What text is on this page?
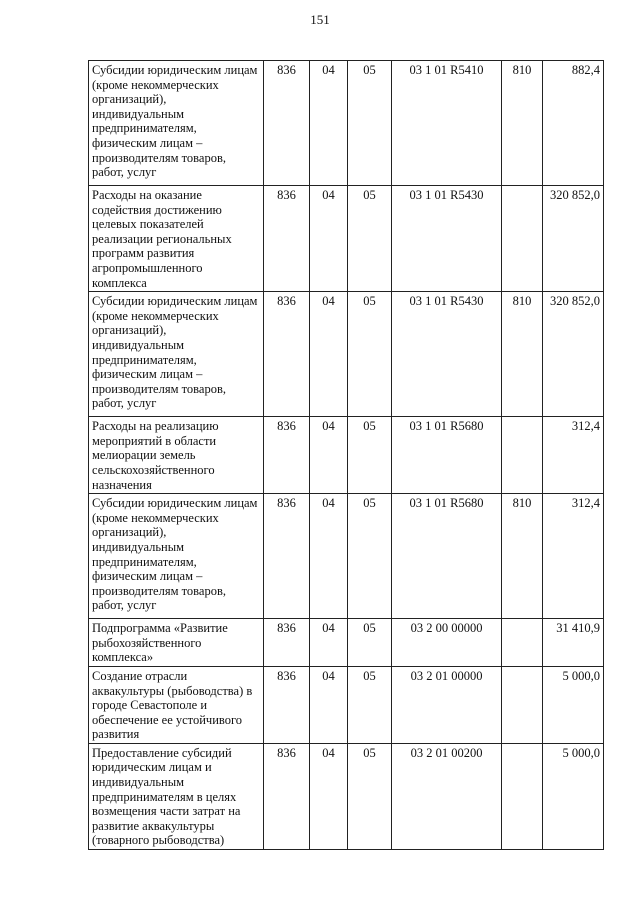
151
Субсидии юридическим лицам (кроме некоммерческих организаций), индивидуальным предпринимателям, физическим лицам – производителям товаров, работ, услуг	836	04	05	03 1 01 R5410	810	882,4
Расходы на оказание содействия достижению целевых показателей реализации региональных программ развития агропромышленного комплекса	836	04	05	03 1 01 R5430		320 852,0
Субсидии юридическим лицам (кроме некоммерческих организаций), индивидуальным предпринимателям, физическим лицам – производителям товаров, работ, услуг	836	04	05	03 1 01 R5430	810	320 852,0
Расходы на реализацию мероприятий в области мелиорации земель сельскохозяйственного назначения	836	04	05	03 1 01 R5680		312,4
Субсидии юридическим лицам (кроме некоммерческих организаций), индивидуальным предпринимателям, физическим лицам – производителям товаров, работ, услуг	836	04	05	03 1 01 R5680	810	312,4
Подпрограмма «Развитие рыбохозяйственного комплекса»	836	04	05	03 2 00 00000		31 410,9
Создание отрасли аквакультуры (рыбоводства) в городе Севастополе и обеспечение ее устойчивого развития	836	04	05	03 2 01 00000		5 000,0
Предоставление субсидий юридическим лицам и индивидуальным предпринимателям в целях возмещения части затрат на развитие аквакультуры (товарного рыбоводства)	836	04	05	03 2 01 00200		5 000,0
